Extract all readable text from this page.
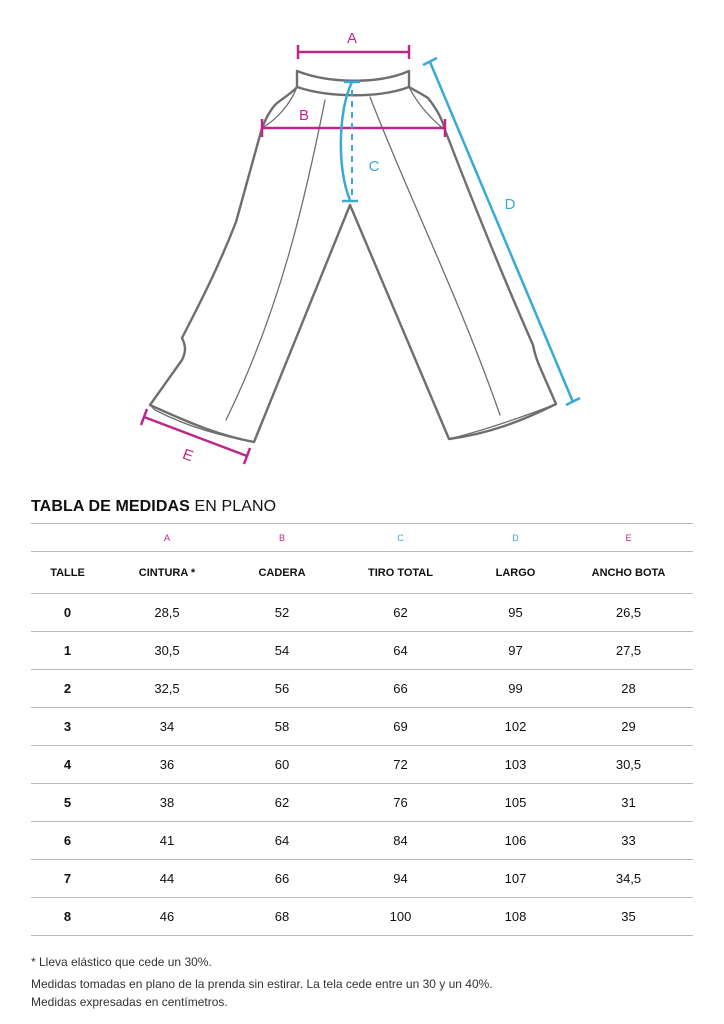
A
B
C
D
E
TABLA DE MEDIDAS EN PLANO
	A	B	C	D	E
TALLE	CINTURA *	CADERA	TIRO TOTAL	LARGO	ANCHO BOTA
0	28,5	52	62	95	26,5
1	30,5	54	64	97	27,5
2	32,5	56	66	99	28
3	34	58	69	102	29
4	36	60	72	103	30,5
5	38	62	76	105	31
6	41	64	84	106	33
7	44	66	94	107	34,5
8	46	68	100	108	35
* Lleva elástico que cede un 30%.
Medidas tomadas en plano de la prenda sin estirar. La tela cede entre un 30 y un 40%.
Medidas expresadas en centímetros.
